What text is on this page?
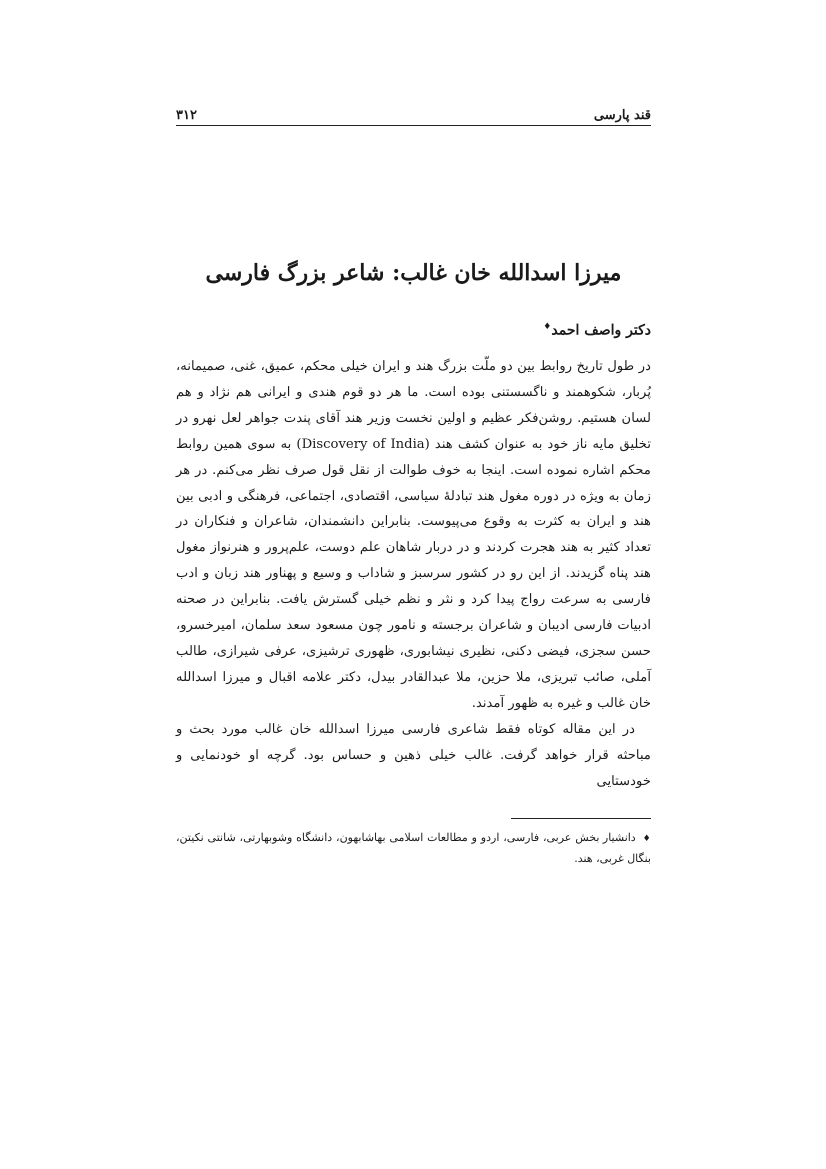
قند پارسی
۳۱۲
میرزا اسدالله خان غالب: شاعر بزرگ فارسی
دکتر واصف احمد♦

در طول تاریخ روابط بین دو ملّت بزرگ هند و ایران خیلی محکم، عمیق، غنی، صمیمانه، پُربار، شکوهمند و ناگسستنی بوده است. ما هر دو قوم هندی و ایرانی هم نژاد و هم لسان هستیم. روشن‌فکر عظیم و اولین نخست وزیر هند آقای پندت جواهر لعل نهرو در تخلیق مایه ناز خود به عنوان کشف هند (Discovery of India) به سوی همین روابط محکم اشاره نموده است. اینجا به خوف طوالت از نقل قول صرف نظر می‌کنم. در هر زمان به ویژه در دوره مغول هند تبادلهٔ سیاسی، اقتصادی، اجتماعی، فرهنگی و ادبی بین هند و ایران به کثرت به وقوع می‌پیوست. بنابراین دانشمندان، شاعران و فنکاران در تعداد کثیر به هند هجرت کردند و در دربار شاهان علم دوست، علم‌پرور و هنرنواز مغول هند پناه گزیدند. از این رو در کشور سرسبز و شاداب و وسیع و پهناور هند زبان و ادب فارسی به سرعت رواج پیدا کرد و نثر و نظم خیلی گسترش یافت. بنابراین در صحنه ادبیات فارسی ادیبان و شاعران برجسته و نامور چون مسعود سعد سلمان، امیرخسرو، حسن سجزی، فیضی دکنی، نظیری نیشابوری، ظهوری ترشیزی، عرفی شیرازی، طالب آملی، صائب تبریزی، ملا حزین، ملا عبدالقادر بیدل، دکتر علامه اقبال و میرزا اسدالله خان غالب و غیره به ظهور آمدند.

در این مقاله کوتاه فقط شاعری فارسی میرزا اسدالله خان غالب مورد بحث و مباحثه قرار خواهد گرفت. غالب خیلی ذهین و حساس بود. گرچه او خودنمایی و خودستایی

♦ دانشیار بخش عربی، فارسی، اردو و مطالعات اسلامی بهاشابهون، دانشگاه وشوبهارتی، شانتی نکیتن، بنگال غربی، هند.
